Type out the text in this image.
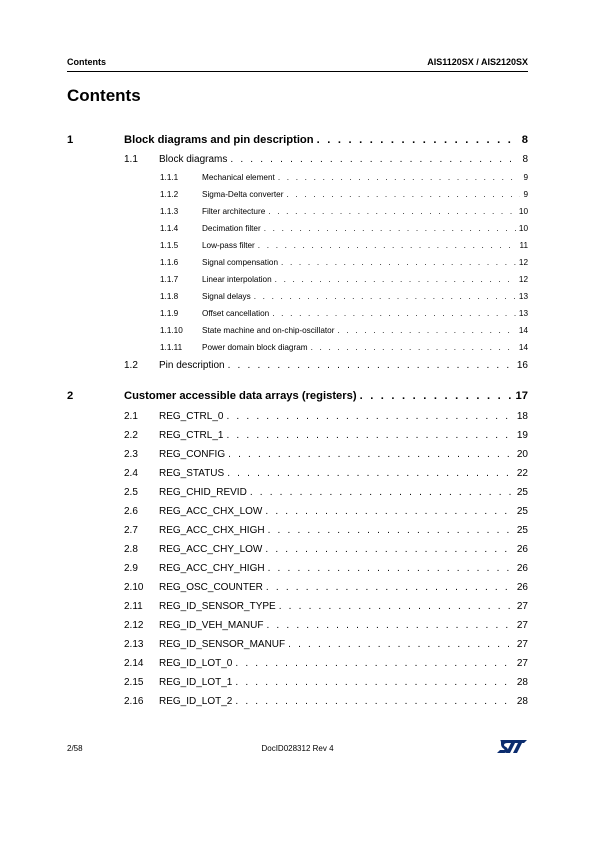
Contents	AIS1120SX / AIS2120SX
Contents
1	Block diagrams and pin description . . .	8
1.1	Block diagrams . . .	8
1.1.1	Mechanical element . . .	9
1.1.2	Sigma-Delta converter . . .	9
1.1.3	Filter architecture . . .	10
1.1.4	Decimation filter . . .	10
1.1.5	Low-pass filter . . .	11
1.1.6	Signal compensation . . .	12
1.1.7	Linear interpolation . . .	12
1.1.8	Signal delays . . .	13
1.1.9	Offset cancellation . . .	13
1.1.10	State machine and on-chip-oscillator . . .	14
1.1.11	Power domain block diagram . . .	14
1.2	Pin description . . .	16
2	Customer accessible data arrays (registers) . . .	17
2.1	REG_CTRL_0 . . .	18
2.2	REG_CTRL_1 . . .	19
2.3	REG_CONFIG . . .	20
2.4	REG_STATUS . . .	22
2.5	REG_CHID_REVID . . .	25
2.6	REG_ACC_CHX_LOW . . .	25
2.7	REG_ACC_CHX_HIGH . . .	25
2.8	REG_ACC_CHY_LOW . . .	26
2.9	REG_ACC_CHY_HIGH . . .	26
2.10	REG_OSC_COUNTER . . .	26
2.11	REG_ID_SENSOR_TYPE . . .	27
2.12	REG_ID_VEH_MANUF . . .	27
2.13	REG_ID_SENSOR_MANUF . . .	27
2.14	REG_ID_LOT_0 . . .	27
2.15	REG_ID_LOT_1 . . .	28
2.16	REG_ID_LOT_2 . . .	28
2/58	DocID028312 Rev 4
